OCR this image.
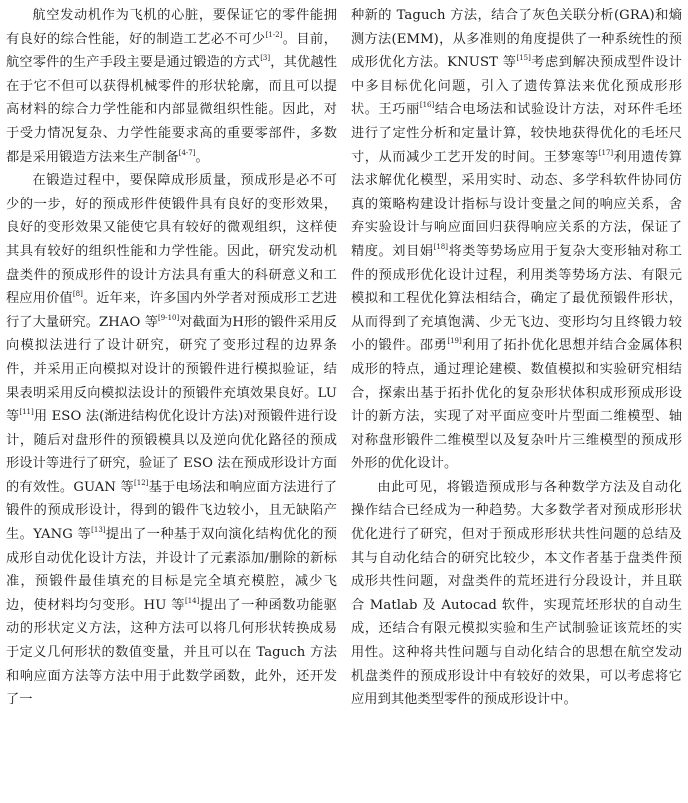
航空发动机作为飞机的心脏，要保证它的零件能拥有良好的综合性能，好的制造工艺必不可少[1-2]。目前，航空零件的生产手段主要是通过锻造的方式[3]，其优越性在于它不但可以获得机械零件的形状轮廓，而且可以提高材料的综合力学性能和内部显微组织性能。因此，对于受力情况复杂、力学性能要求高的重要零部件，多数都是采用锻造方法来生产制备[4-7]。

在锻造过程中，要保障成形质量，预成形是必不可少的一步，好的预成形件使锻件具有良好的变形效果，良好的变形效果又能使它具有较好的微观组织，这样使其具有较好的组织性能和力学性能。因此，研究发动机盘类件的预成形件的设计方法具有重大的科研意义和工程应用价值[8]。近年来，许多国内外学者对预成形工艺进行了大量研究。ZHAO 等[9-10]对截面为H形的锻件采用反向模拟法进行了设计研究，研究了变形过程的边界条件，并采用正向模拟对设计的预锻件进行模拟验证，结果表明采用反向模拟法设计的预锻件充填效果良好。LU 等[11]用 ESO 法(渐进结构优化设计方法)对预锻件进行设计，随后对盘形件的预锻模具以及逆向优化路径的预成形设计等进行了研究，验证了 ESO 法在预成形设计方面的有效性。GUAN 等[12]基于电场法和响应面方法进行了锻件的预成形设计，得到的锻件飞边较小，且无缺陷产生。YANG 等[13]提出了一种基于双向演化结构优化的预成形自动优化设计方法，并设计了元素添加/删除的新标准，预锻件最佳填充的目标是完全填充模腔，减少飞边，使材料均匀变形。HU 等[14]提出了一种函数功能驱动的形状定义方法，这种方法可以将几何形状转换成易于定义几何形状的数值变量，并且可以在 Taguch 方法和响应面方法等方法中用于此数学函数，此外，还开发了一

种新的 Taguch 方法，结合了灰色关联分析(GRA)和熵测方法(EMM)，从多准则的角度提供了一种系统性的预成形优化方法。KNUST 等[15]考虑到解决预成型件设计中多目标优化问题，引入了遗传算法来优化预成形形状。王巧丽[16]结合电场法和试验设计方法，对环件毛坯进行了定性分析和定量计算，较快地获得优化的毛坯尺寸，从而减少工艺开发的时间。王梦寒等[17]利用遗传算法求解优化模型，采用实时、动态、多学科软件协同仿真的策略构建设计指标与设计变量之间的响应关系，舍弃实验设计与响应面回归获得响应关系的方法，保证了精度。刘目娟[18]将类等势场应用于复杂大变形轴对称工件的预成形优化设计过程，利用类等势场方法、有限元模拟和工程优化算法相结合，确定了最优预锻件形状，从而得到了充填饱满、少无飞边、变形均匀且终锻力较小的锻件。邵勇[19]利用了拓扑优化思想并结合金属体积成形的特点，通过理论建模、数值模拟和实验研究相结合，探索出基于拓扑优化的复杂形状体积成形预成形设计的新方法，实现了对平面应变叶片型面二维模型、轴对称盘形锻件二维模型以及复杂叶片三维模型的预成形外形的优化设计。

由此可见，将锻造预成形与各种数学方法及自动化操作结合已经成为一种趋势。大多数学者对预成形形状优化进行了研究，但对于预成形形状共性问题的总结及其与自动化结合的研究比较少，本文作者基于盘类件预成形共性问题，对盘类件的荒坯进行分段设计，并且联合 Matlab 及 Autocad 软件，实现荒坯形状的自动生成，还结合有限元模拟实验和生产试制验证该荒坯的实用性。这种将共性问题与自动化结合的思想在航空发动机盘类件的预成形设计中有较好的效果，可以考虑将它应用到其他类型零件的预成形设计中。
